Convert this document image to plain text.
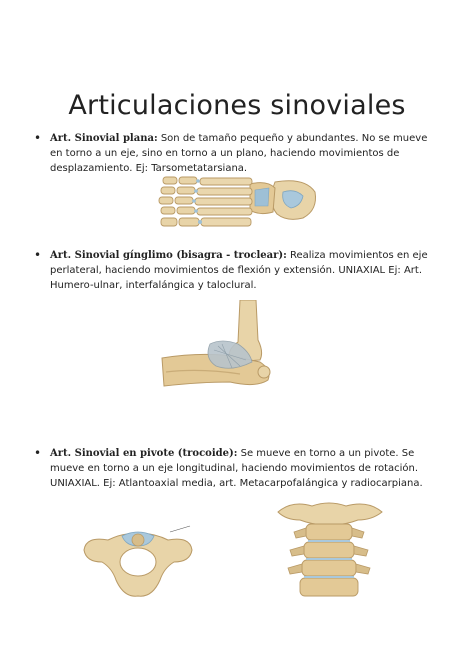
Articulaciones sinoviales
• Art. Sinovial plana: Son de tamaño pequeño y abundantes. No se mueve en torno a un eje, sino en torno a un plano, haciendo movimientos de desplazamiento. Ej: Tarsometatarsiana.
• Art. Sinovial gínglimo (bisagra - troclear): Realiza movimientos en eje perlateral, haciendo movimientos de flexión y extensión. UNIAXIAL Ej: Art. Humero-ulnar, interfalángica y taloclural.
• Art. Sinovial en pivote (trocoide): Se mueve en torno a un pivote. Se mueve en torno a un eje longitudinal, haciendo movimientos de rotación. UNIAXIAL. Ej: Atlantoaxial media, art. Metacarpofalángica y radiocarpiana.
